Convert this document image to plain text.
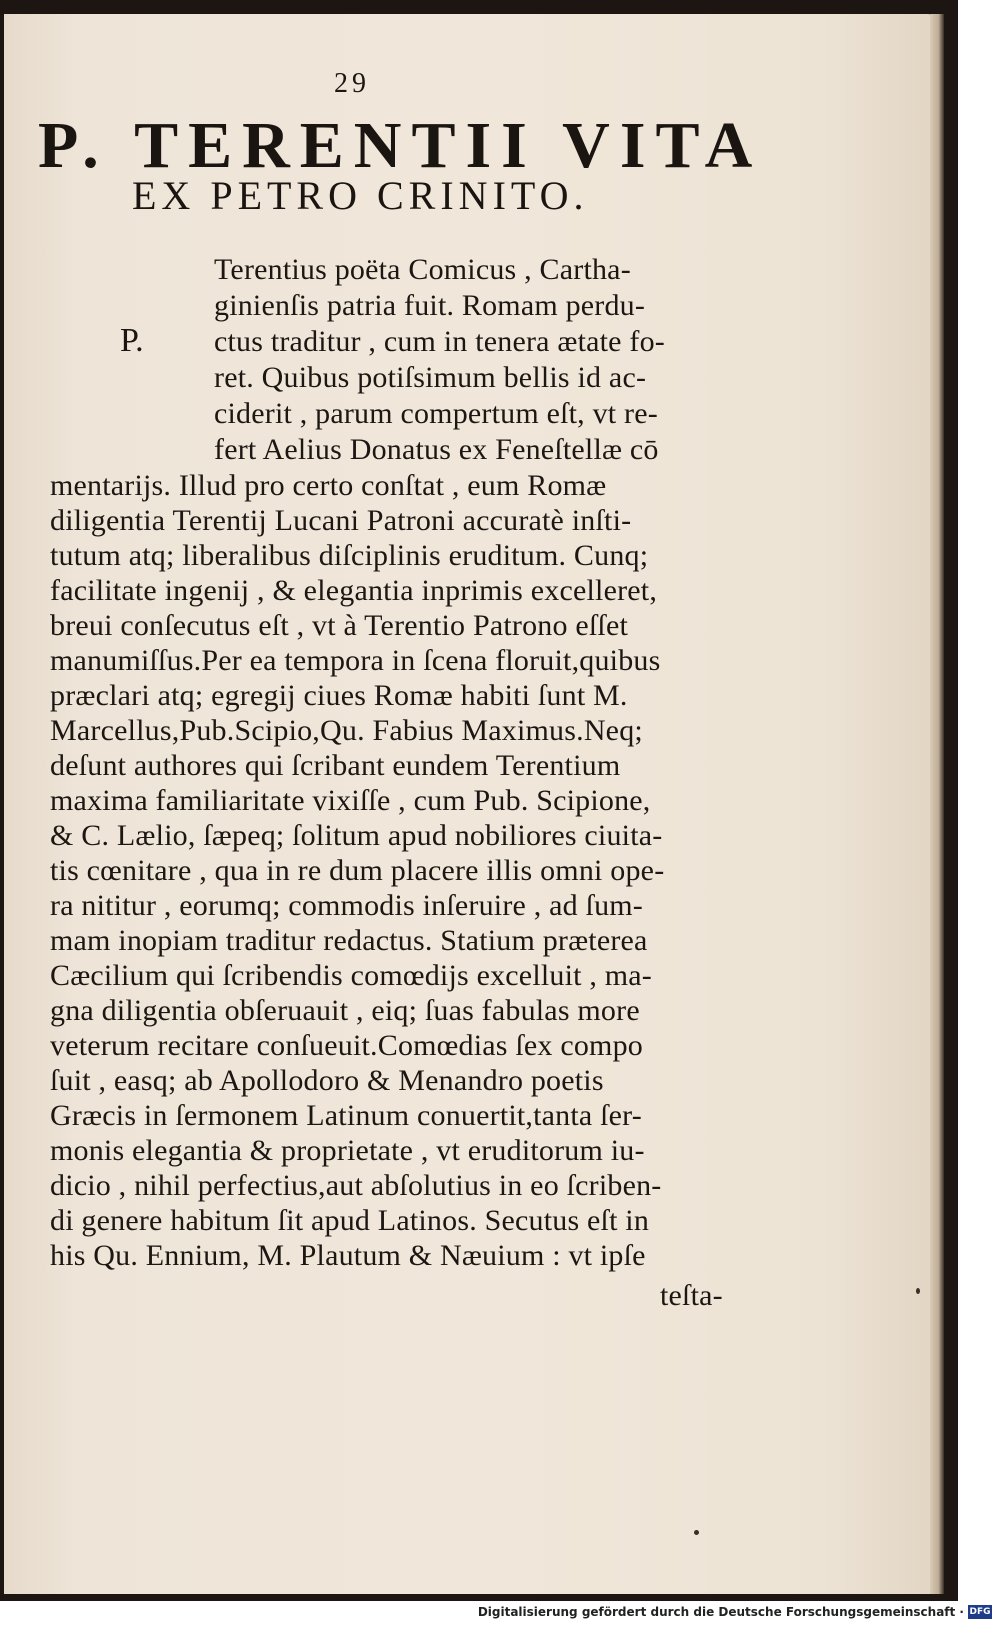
29
P. TERENTII VITA
EX PETRO CRINITO.
P.
Terentius poëta Comicus , Cartha-
ginienſis patria fuit. Romam perdu-
ctus traditur , cum in tenera ætate fo-
ret. Quibus potiſsimum bellis id ac-
ciderit , parum compertum eſt, vt re-
fert Aelius Donatus ex Feneſtellæ cō
mentarijs. Illud pro certo conſtat , eum Romæ
diligentia Terentij Lucani Patroni accuratè inſti-
tutum atq; liberalibus diſciplinis eruditum. Cunq;
facilitate ingenij , & elegantia inprimis excelleret,
breui conſecutus eſt , vt à Terentio Patrono eſſet
manumiſſus.Per ea tempora in ſcena floruit,quibus
præclari atq; egregij ciues Romæ habiti ſunt M.
Marcellus,Pub.Scipio,Qu. Fabius Maximus.Neq;
deſunt authores qui ſcribant eundem Terentium
maxima familiaritate vixiſſe , cum Pub. Scipione,
& C. Lælio, ſæpeq; ſolitum apud nobiliores ciuita-
tis cœnitare , qua in re dum placere illis omni ope-
ra nititur , eorumq; commodis inſeruire , ad ſum-
mam inopiam traditur redactus. Statium præterea
Cæcilium qui ſcribendis comœdijs excelluit , ma-
gna diligentia obſeruauit , eiq; ſuas fabulas more
veterum recitare conſueuit.Comœdias ſex compo
ſuit , easq; ab Apollodoro & Menandro poetis
Græcis in ſermonem Latinum conuertit,tanta ſer-
monis elegantia & proprietate , vt eruditorum iu-
dicio , nihil perfectius,aut abſolutius in eo ſcriben-
di genere habitum ſit apud Latinos. Secutus eſt in
his Qu. Ennium, M. Plautum & Næuium : vt ipſe
teſta-
Digitalisierung gefördert durch die Deutsche Forschungsgemeinschaft · DFG
